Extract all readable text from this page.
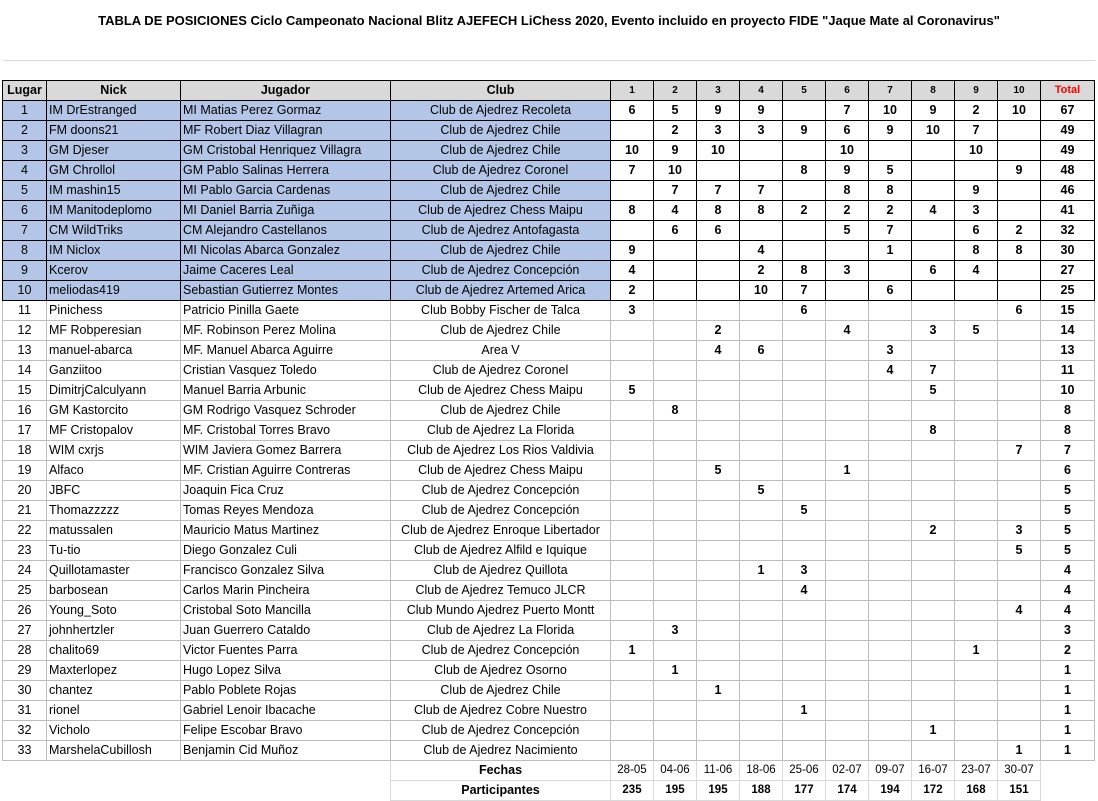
TABLA DE POSICIONES Ciclo Campeonato Nacional Blitz AJEFECH LiChess 2020, Evento incluido en proyecto FIDE "Jaque Mate al Coronavirus"

Lugar	Nick	Jugador	Club	1	2	3	4	5	6	7	8	9	10	Total
1	IM DrEstranged	MI Matias Perez Gormaz	Club de Ajedrez Recoleta	6	5	9	9		7	10	9	2	10	67
2	FM doons21	MF Robert Diaz Villagran	Club de Ajedrez Chile		2	3	3	9	6	9	10	7		49
3	GM Djeser	GM Cristobal Henriquez Villagra	Club de Ajedrez Chile	10	9	10			10			10		49
4	GM Chrollol	GM Pablo Salinas Herrera	Club de Ajedrez Coronel	7	10			8	9	5			9	48
5	IM mashin15	MI Pablo Garcia Cardenas	Club de Ajedrez Chile		7	7	7		8	8		9		46
6	IM Manitodeplomo	MI Daniel Barria Zuñiga	Club de Ajedrez Chess Maipu	8	4	8	8	2	2	2	4	3		41
7	CM WildTriks	CM Alejandro Castellanos	Club de Ajedrez Antofagasta		6	6			5	7		6	2	32
8	IM Niclox	MI Nicolas Abarca Gonzalez	Club de Ajedrez Chile	9			4			1		8	8	30
9	Kcerov	Jaime Caceres Leal	Club de Ajedrez Concepción	4			2	8	3		6	4		27
10	meliodas419	Sebastian Gutierrez Montes	Club de Ajedrez Artemed Arica	2			10	7		6				25
11	Pinichess	Patricio Pinilla Gaete	Club Bobby Fischer de Talca	3				6					6	15
12	MF Robperesian	MF. Robinson Perez Molina	Club de Ajedrez Chile			2			4		3	5		14
13	manuel-abarca	MF. Manuel Abarca Aguirre	Area V			4	6			3				13
14	Ganziitoo	Cristian Vasquez Toledo	Club de Ajedrez Coronel							4	7			11
15	DimitrjCalculyann	Manuel Barria Arbunic	Club de Ajedrez Chess Maipu	5							5			10
16	GM Kastorcito	GM Rodrigo Vasquez Schroder	Club de Ajedrez Chile		8									8
17	MF Cristopalov	MF. Cristobal Torres Bravo	Club de Ajedrez La Florida								8			8
18	WIM cxrjs	WIM Javiera Gomez Barrera	Club de Ajedrez Los Rios Valdivia										7	7
19	Alfaco	MF. Cristian Aguirre Contreras	Club de Ajedrez Chess Maipu			5			1					6
20	JBFC	Joaquin Fica Cruz	Club de Ajedrez Concepción				5							5
21	Thomazzzzz	Tomas Reyes Mendoza	Club de Ajedrez Concepción					5						5
22	matussalen	Mauricio Matus Martinez	Club de Ajedrez Enroque Libertador								2		3	5
23	Tu-tio	Diego Gonzalez Culi	Club de Ajedrez Alfild e Iquique										5	5
24	Quillotamaster	Francisco Gonzalez Silva	Club de Ajedrez Quillota				1	3						4
25	barbosean	Carlos Marin Pincheira	Club de Ajedrez Temuco JLCR					4						4
26	Young_Soto	Cristobal Soto Mancilla	Club Mundo Ajedrez Puerto Montt										4	4
27	johnhertzler	Juan Guerrero Cataldo	Club de Ajedrez La Florida		3									3
28	chalito69	Victor Fuentes Parra	Club de Ajedrez Concepción	1								1		2
29	Maxterlopez	Hugo Lopez Silva	Club de Ajedrez Osorno		1									1
30	chantez	Pablo Poblete Rojas	Club de Ajedrez Chile			1								1
31	rionel	Gabriel Lenoir Ibacache	Club de Ajedrez Cobre Nuestro					1						1
32	Vicholo	Felipe Escobar Bravo	Club de Ajedrez Concepción								1			1
33	MarshelaCubillosh	Benjamin Cid Muñoz	Club de Ajedrez Nacimiento										1	1
			Fechas	28-05	04-06	11-06	18-06	25-06	02-07	09-07	16-07	23-07	30-07	
			Participantes	235	195	195	188	177	174	194	172	168	151	
